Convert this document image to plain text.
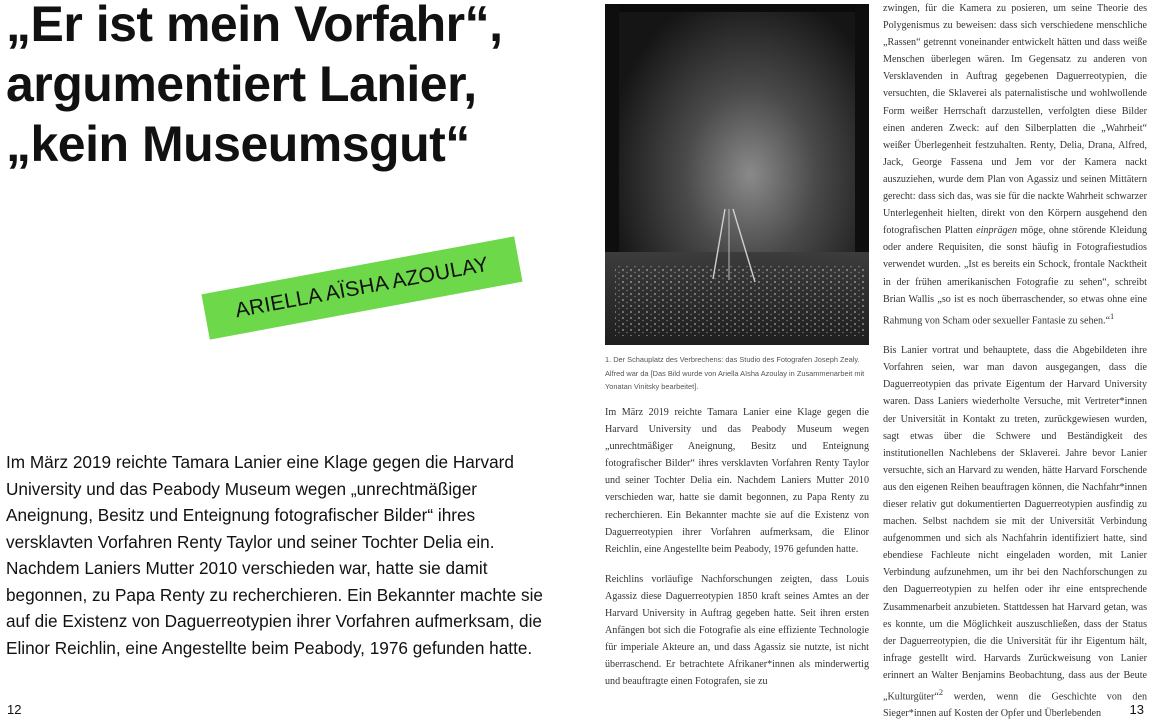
„Er ist mein Vorfahr“,
argumentiert Lanier,
„kein Museumsgut“
ARIELLA AÏSHA AZOULAY

Im März 2019 reichte Tamara Lanier eine Klage gegen die Harvard University und das Peabody Museum wegen „unrechtmäßiger Aneignung, Besitz und Enteignung fotografischer Bilder“ ihres versklavten Vorfahren Renty Taylor und seiner Tochter Delia ein. Nachdem Laniers Mutter 2010 verschieden war, hatte sie damit begonnen, zu Papa Renty zu recherchieren. Ein Bekannter machte sie auf die Existenz von Daguerreotypien ihrer Vorfahren aufmerksam, die Elinor Reichlin, eine Angestellte beim Peabody, 1976 gefunden hatte.

1. Der Schauplatz des Verbrechens: das Studio des Fotografen Joseph Zealy. Alfred war da [Das Bild wurde von Ariella Aïsha Azoulay in Zusammenarbeit mit Yonatan Vinitsky bearbeitet].

Im März 2019 reichte Tamara Lanier eine Klage gegen die Harvard University und das Peabody Museum wegen „unrechtmäßiger Aneignung, Besitz und Enteignung fotografischer Bilder“ ihres versklavten Vorfahren Renty Taylor und seiner Tochter Delia ein. Nachdem Laniers Mutter 2010 verschieden war, hatte sie damit begonnen, zu Papa Renty zu recherchieren. Ein Bekannter machte sie auf die Existenz von Daguerreotypien ihrer Vorfahren aufmerksam, die Elinor Reichlin, eine Angestellte beim Peabody, 1976 gefunden hatte.

Reichlins vorläufige Nachforschungen zeigten, dass Louis Agassiz diese Daguerreotypien 1850 kraft seines Amtes an der Harvard University in Auftrag gegeben hatte. Seit ihren ersten Anfängen bot sich die Fotografie als eine effiziente Technologie für imperiale Akteure an, und dass Agassiz sie nutzte, ist nicht überraschend. Er betrachtete Afrikaner*innen als minderwertig und beauftragte einen Fotografen, sie zu

zwingen, für die Kamera zu posieren, um seine Theorie des Polygenismus zu beweisen: dass sich verschiedene menschliche „Rassen“ getrennt voneinander entwickelt hätten und dass weiße Menschen überlegen wären. Im Gegensatz zu anderen von Versklavenden in Auftrag gegebenen Daguerreotypien, die versuchten, die Sklaverei als paternalistische und wohlwollende Form weißer Herrschaft darzustellen, verfolgten diese Bilder einen anderen Zweck: auf den Silberplatten die „Wahrheit“ weißer Überlegenheit festzuhalten. Renty, Delia, Drana, Alfred, Jack, George Fassena und Jem vor der Kamera nackt auszuziehen, wurde dem Plan von Agassiz und seinen Mittätern gerecht: dass sich das, was sie für die nackte Wahrheit schwarzer Unterlegenheit hielten, direkt von den Körpern ausgehend den fotografischen Platten einprägen möge, ohne störende Kleidung oder andere Requisiten, die sonst häufig in Fotografiestudios verwendet wurden. „Ist es bereits ein Schock, frontale Nacktheit in der frühen amerikanischen Fotografie zu sehen“, schreibt Brian Wallis „so ist es noch überraschender, so etwas ohne eine Rahmung von Scham oder sexueller Fantasie zu sehen.“$^1$

Bis Lanier vortrat und behauptete, dass die Abgebildeten ihre Vorfahren seien, war man davon ausgegangen, dass die Daguerreotypien das private Eigentum der Harvard University waren. Dass Laniers wiederholte Versuche, mit Vertreter*innen der Universität in Kontakt zu treten, zurückgewiesen wurden, sagt etwas über die Schwere und Beständigkeit des institutionellen Nachlebens der Sklaverei. Jahre bevor Lanier versuchte, sich an Harvard zu wenden, hätte Harvard Forschende aus den eigenen Reihen beauftragen können, die Nachfahr*innen dieser relativ gut dokumentierten Daguerreotypien ausfindig zu machen. Selbst nachdem sie mit der Universität Verbindung aufgenommen und sich als Nachfahrin identifiziert hatte, sind ebendiese Fachleute nicht eingeladen worden, mit Lanier Verbindung aufzunehmen, um ihr bei den Nachforschungen zu den Daguerreotypien zu helfen oder ihr eine entsprechende Zusammenarbeit anzubieten. Stattdessen hat Harvard getan, was es konnte, um die Möglichkeit auszuschließen, dass der Status der Daguerreotypien, die die Universität für ihr Eigentum hält, infrage gestellt wird. Harvards Zurückweisung von Lanier erinnert an Walter Benjamins Beobachtung, dass aus der Beute „Kulturgüter“$^2$ werden, wenn die Geschichte von den Sieger*innen auf Kosten der Opfer und Überlebenden

12	13
